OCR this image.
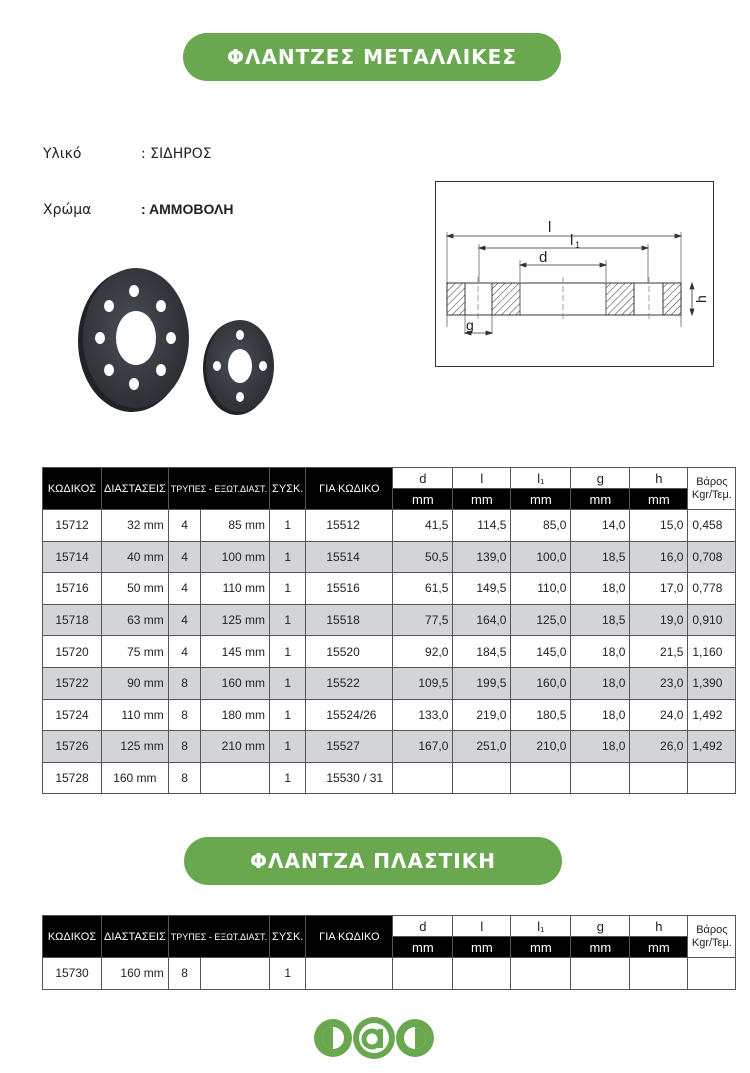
ΦΛΑΝΤΖΕΣ ΜΕΤΑΛΛΙΚΕΣ
Υλικό	: ΣΙΔΗΡΟΣ
Χρώμα	: ΑΜΜΟΒΟΛΗ
l
l 1
d
h
g
ΚΩΔΙΚΟΣ	ΔΙΑΣΤΑΣΕΙΣ	ΤΡΥΠΕΣ - ΕΞΩΤ.ΔΙΑΣΤ.		ΣΥΣΚ.	ΓΙΑ ΚΩΔΙΚΟ	d	l	l₁	g	h	Βάρος
Kgr/Τεμ.
						mm	mm	mm	mm	mm	
15712	32 mm	4	85 mm	1	15512	41,5	114,5	85,0	14,0	15,0	0,458
15714	40 mm	4	100 mm	1	15514	50,5	139,0	100,0	18,5	16,0	0,708
15716	50 mm	4	110 mm	1	15516	61,5	149,5	110,0	18,0	17,0	0,778
15718	63 mm	4	125 mm	1	15518	77,5	164,0	125,0	18,5	19,0	0,910
15720	75 mm	4	145 mm	1	15520	92,0	184,5	145,0	18,0	21,5	1,160
15722	90 mm	8	160 mm	1	15522	109,5	199,5	160,0	18,0	23,0	1,390
15724	110 mm	8	180 mm	1	15524/26	133,0	219,0	180,5	18,0	24,0	1,492
15726	125 mm	8	210 mm	1	15527	167,0	251,0	210,0	18,0	26,0	1,492
15728	160 mm	8		1	15530 / 31						
ΦΛΑΝΤΖΑ ΠΛΑΣΤΙΚΗ
ΚΩΔΙΚΟΣ	ΔΙΑΣΤΑΣΕΙΣ	ΤΡΥΠΕΣ - ΕΞΩΤ.ΔΙΑΣΤ.		ΣΥΣΚ.	ΓΙΑ ΚΩΔΙΚΟ	d	l	l₁	g	h	Βάρος
Kgr/Τεμ.
						mm	mm	mm	mm	mm	
15730	160 mm	8		1							
